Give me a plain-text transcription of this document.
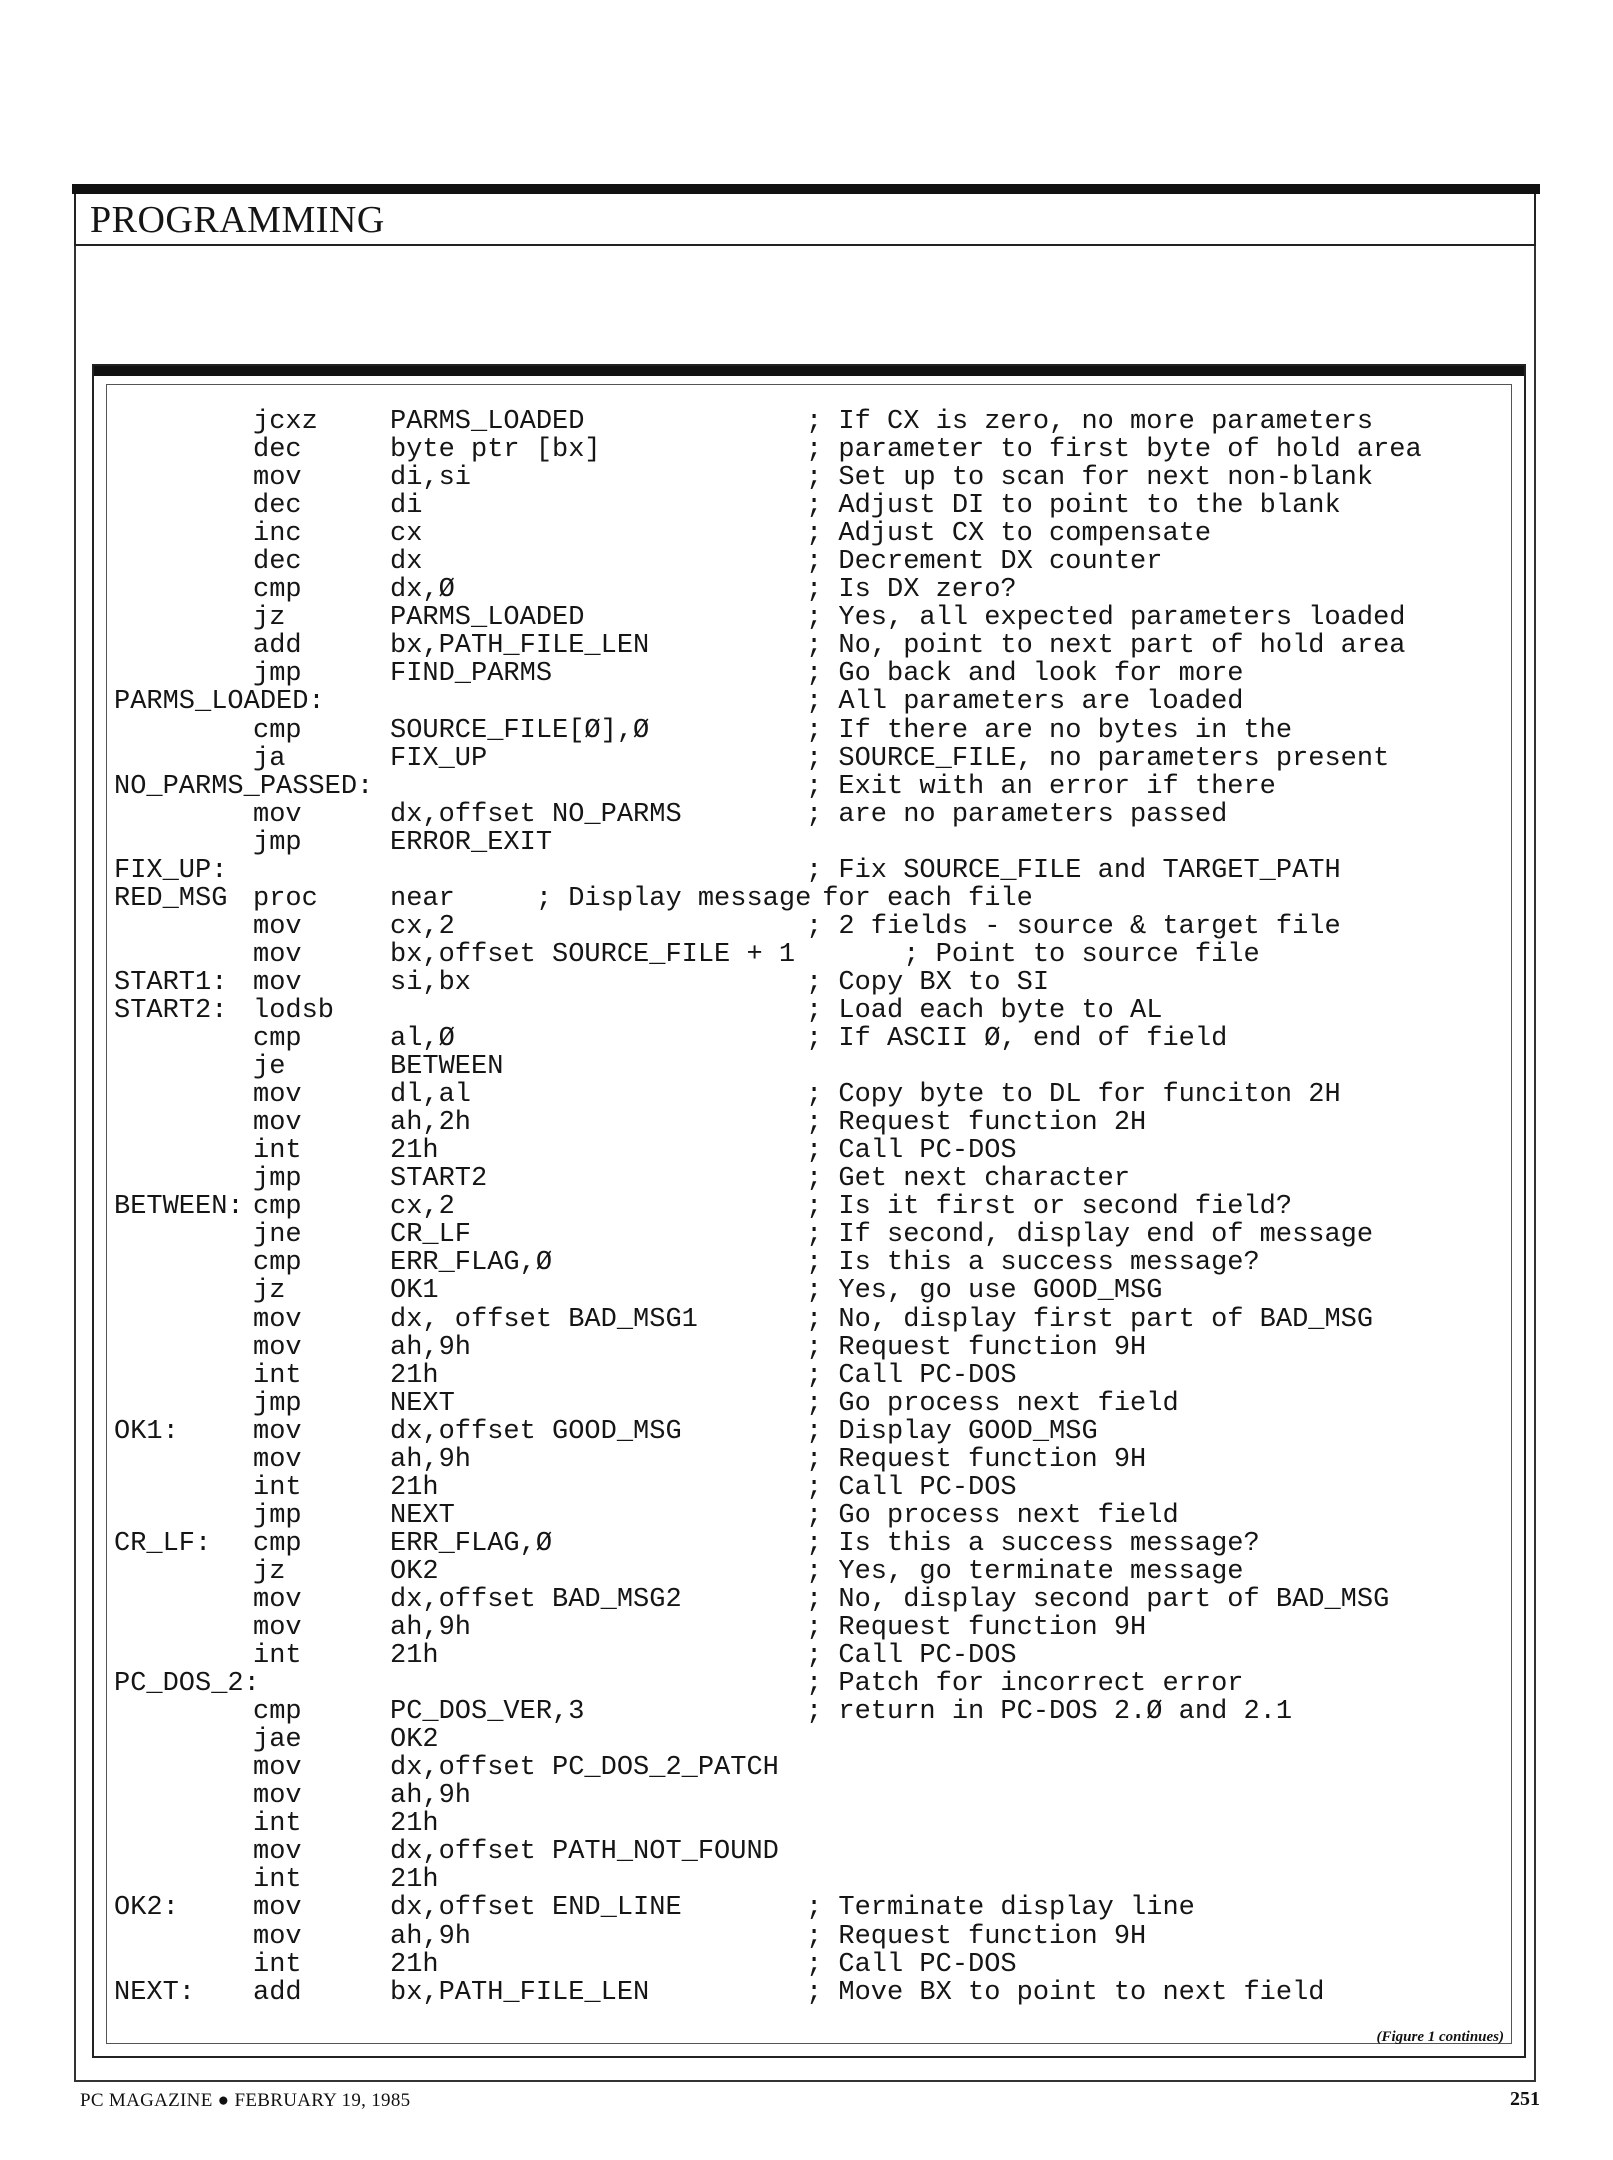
PROGRAMMING
jcxz	PARMS_LOADED	; If CX is zero, no more parameters
dec	byte ptr [bx]	; parameter to first byte of hold area
mov	di,si	; Set up to scan for next non-blank
dec	di	; Adjust DI to point to the blank
inc	cx	; Adjust CX to compensate
dec	dx	; Decrement DX counter
cmp	dx,Ø	; Is DX zero?
jz	PARMS_LOADED	; Yes, all expected parameters loaded
add	bx,PATH_FILE_LEN	; No, point to next part of hold area
jmp	FIND_PARMS	; Go back and look for more
PARMS_LOADED:	; All parameters are loaded
cmp	SOURCE_FILE[Ø],Ø	; If there are no bytes in the
ja	FIX_UP	; SOURCE_FILE, no parameters present
NO_PARMS_PASSED:	; Exit with an error if there
mov	dx,offset NO_PARMS	; are no parameters passed
jmp	ERROR_EXIT
FIX_UP:	; Fix SOURCE_FILE and TARGET_PATH
RED_MSG proc	near     ; Display message for each file
mov	cx,2	; 2 fields - source & target file
mov	bx,offset SOURCE_FILE + 1      ; Point to source file
START1: mov	si,bx	; Copy BX to SI
START2: lodsb	; Load each byte to AL
cmp	al,Ø	; If ASCII Ø, end of field
je	BETWEEN
mov	dl,al	; Copy byte to DL for funciton 2H
mov	ah,2h	; Request function 2H
int	21h	; Call PC-DOS
jmp	START2	; Get next character
BETWEEN: cmp	cx,2	; Is it first or second field?
jne	CR_LF	; If second, display end of message
cmp	ERR_FLAG,Ø	; Is this a success message?
jz	OK1	; Yes, go use GOOD_MSG
mov	dx, offset BAD_MSG1	; No, display first part of BAD_MSG
mov	ah,9h	; Request function 9H
int	21h	; Call PC-DOS
jmp	NEXT	; Go process next field
OK1:	mov	dx,offset GOOD_MSG	; Display GOOD_MSG
mov	ah,9h	; Request function 9H
int	21h	; Call PC-DOS
jmp	NEXT	; Go process next field
CR_LF: cmp	ERR_FLAG,Ø	; Is this a success message?
jz	OK2	; Yes, go terminate message
mov	dx,offset BAD_MSG2	; No, display second part of BAD_MSG
mov	ah,9h	; Request function 9H
int	21h	; Call PC-DOS
PC_DOS_2:	; Patch for incorrect error
cmp	PC_DOS_VER,3	; return in PC-DOS 2.Ø and 2.1
jae	OK2
mov	dx,offset PC_DOS_2_PATCH
mov	ah,9h
int	21h
mov	dx,offset PATH_NOT_FOUND
int	21h
OK2:	mov	dx,offset END_LINE	; Terminate display line
mov	ah,9h	; Request function 9H
int	21h	; Call PC-DOS
NEXT: add	bx,PATH_FILE_LEN	; Move BX to point to next field
(Figure 1 continues)
PC MAGAZINE ● FEBRUARY 19, 1985	251
